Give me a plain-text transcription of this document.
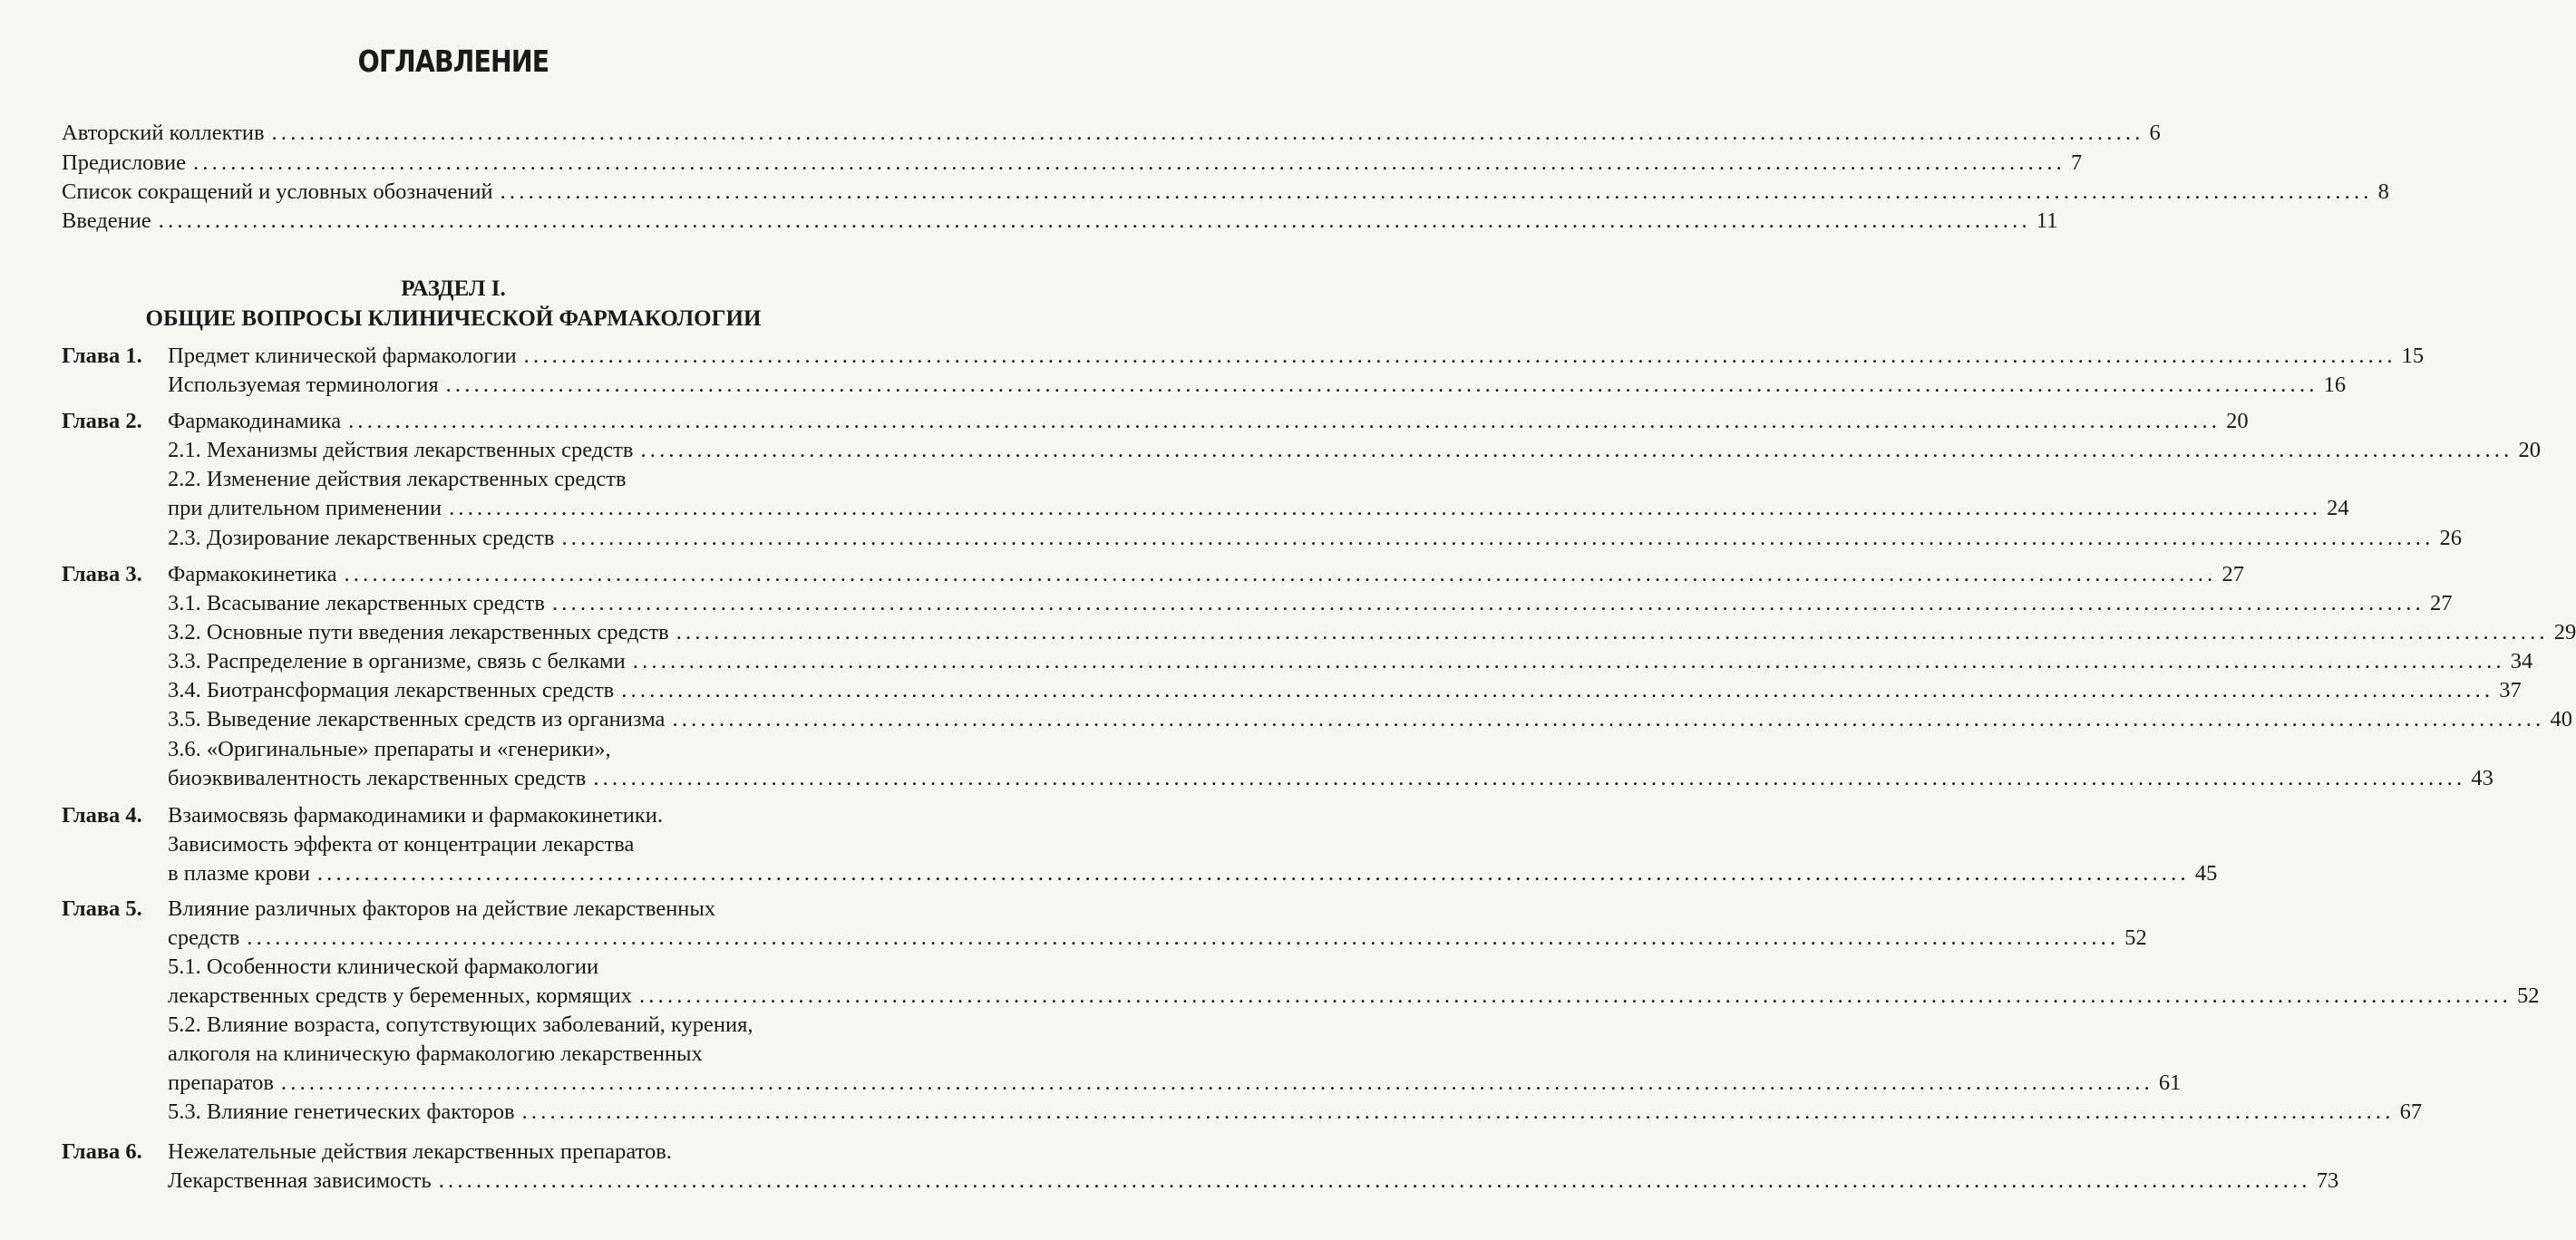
ОГЛАВЛЕНИЕ
Авторский коллектив ........................................................................................................................................................................................................ 6
Предисловие ........................................................................................................................................................................................................ 7
Список сокращений и условных обозначений ........................................................................................................................................................................................................ 8
Введение ........................................................................................................................................................................................................ 11
РАЗДЕЛ I.
ОБЩИЕ ВОПРОСЫ КЛИНИЧЕСКОЙ ФАРМАКОЛОГИИ
Глава 1.
Глава 2.
Глава 3.
Глава 4.
Глава 5.
Глава 6.
Предмет клинической фармакологии ........................................................................................................................................................................................................ 15
Используемая терминология ........................................................................................................................................................................................................ 16
Фармакодинамика ........................................................................................................................................................................................................ 20
2.1. Механизмы действия лекарственных средств ........................................................................................................................................................................................................ 20
2.2. Изменение действия лекарственных средств
при длительном применении ........................................................................................................................................................................................................ 24
2.3. Дозирование лекарственных средств ........................................................................................................................................................................................................ 26
Фармакокинетика ........................................................................................................................................................................................................ 27
3.1. Всасывание лекарственных средств ........................................................................................................................................................................................................ 27
3.2. Основные пути введения лекарственных средств ........................................................................................................................................................................................................ 29
3.3. Распределение в организме, связь с белками ........................................................................................................................................................................................................ 34
3.4. Биотрансформация лекарственных средств ........................................................................................................................................................................................................ 37
3.5. Выведение лекарственных средств из организма ........................................................................................................................................................................................................ 40
3.6. «Оригинальные» препараты и «генерики»,
биоэквивалентность лекарственных средств ........................................................................................................................................................................................................ 43
Взаимосвязь фармакодинамики и фармакокинетики.
Зависимость эффекта от концентрации лекарства
в плазме крови ........................................................................................................................................................................................................ 45
Влияние различных факторов на действие лекарственных
средств ........................................................................................................................................................................................................ 52
5.1. Особенности клинической фармакологии
лекарственных средств у беременных, кормящих ........................................................................................................................................................................................................ 52
5.2. Влияние возраста, сопутствующих заболеваний, курения,
алкоголя на клиническую фармакологию лекарственных
препаратов ........................................................................................................................................................................................................ 61
5.3. Влияние генетических факторов ........................................................................................................................................................................................................ 67
Нежелательные действия лекарственных препаратов.
Лекарственная зависимость ........................................................................................................................................................................................................ 73
